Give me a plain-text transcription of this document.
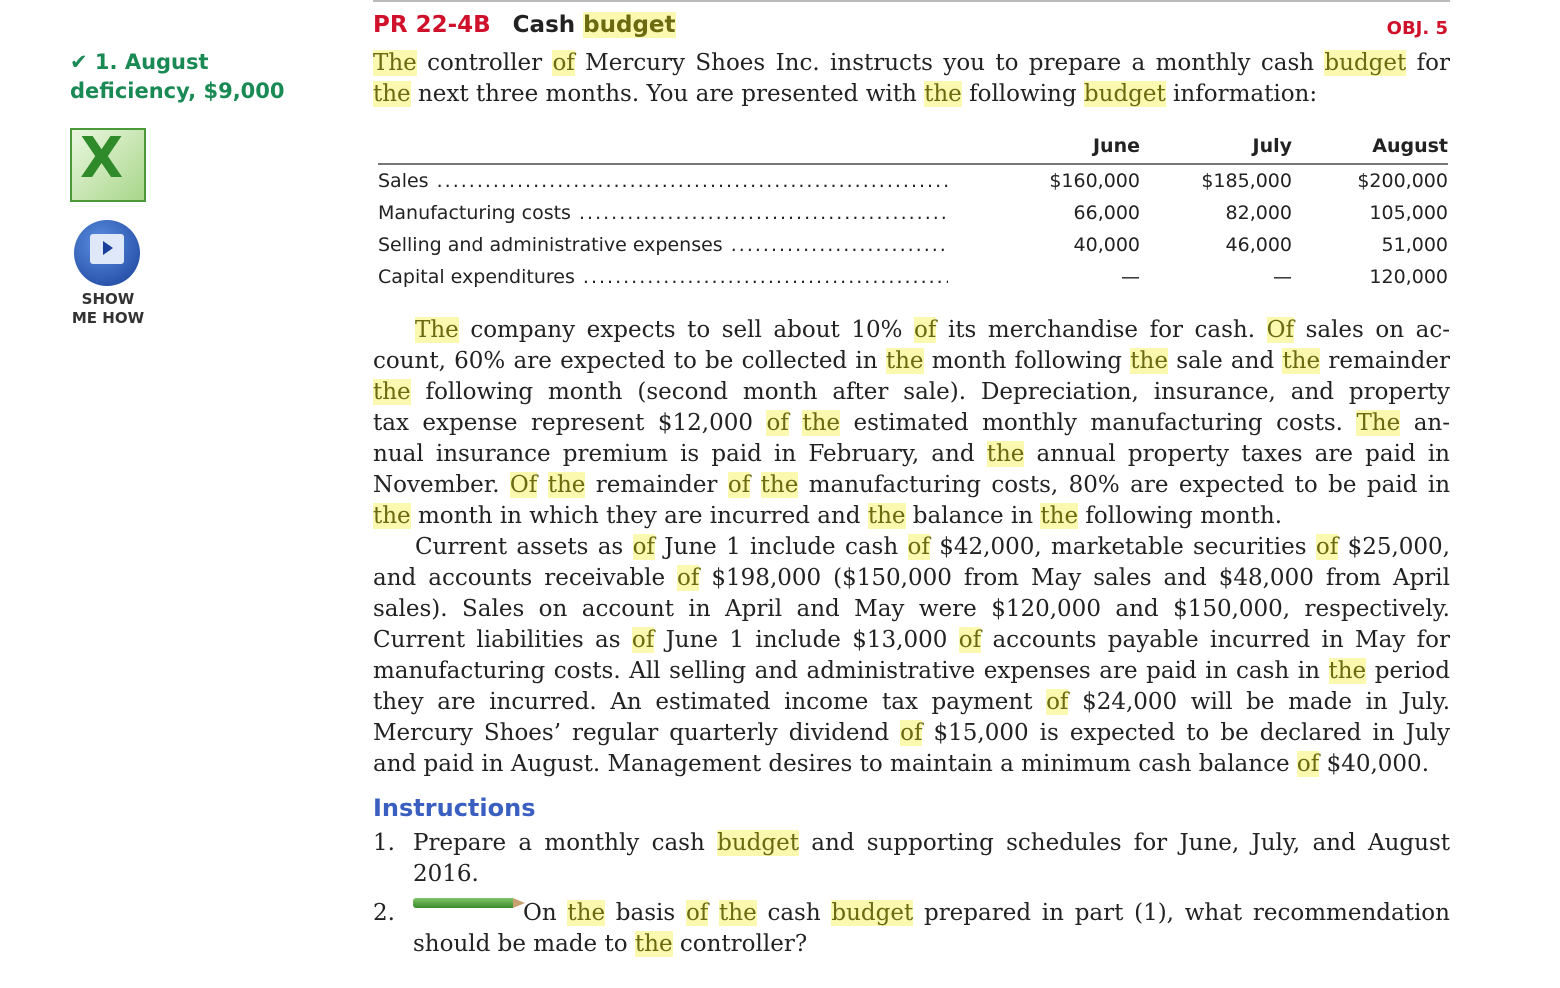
✔ 1. August
deficiency, $9,000
X
SHOW
ME HOW
PR 22-4B Cash budget	OBJ. 5
The controller of Mercury Shoes Inc. instructs you to prepare a monthly cash budget for
the next three months. You are presented with the following budget information:
June	July	August
Sales .....	$160,000	$185,000	$200,000
Manufacturing costs .....	66,000	82,000	105,000
Selling and administrative expenses .....	40,000	46,000	51,000
Capital expenditures .....	—	—	120,000
The company expects to sell about 10% of its merchandise for cash. Of sales on ac-
count, 60% are expected to be collected in the month following the sale and the remainder
the following month (second month after sale). Depreciation, insurance, and property
tax expense represent $12,000 of the estimated monthly manufacturing costs. The an-
nual insurance premium is paid in February, and the annual property taxes are paid in
November. Of the remainder of the manufacturing costs, 80% are expected to be paid in
the month in which they are incurred and the balance in the following month.
Current assets as of June 1 include cash of $42,000, marketable securities of $25,000,
and accounts receivable of $198,000 ($150,000 from May sales and $48,000 from April
sales). Sales on account in April and May were $120,000 and $150,000, respectively.
Current liabilities as of June 1 include $13,000 of accounts payable incurred in May for
manufacturing costs. All selling and administrative expenses are paid in cash in the period
they are incurred. An estimated income tax payment of $24,000 will be made in July.
Mercury Shoes’ regular quarterly dividend of $15,000 is expected to be declared in July
and paid in August. Management desires to maintain a minimum cash balance of $40,000.
Instructions
1. Prepare a monthly cash budget and supporting schedules for June, July, and August
2016.
2.	On the basis of the cash budget prepared in part (1), what recommendation
should be made to the controller?
